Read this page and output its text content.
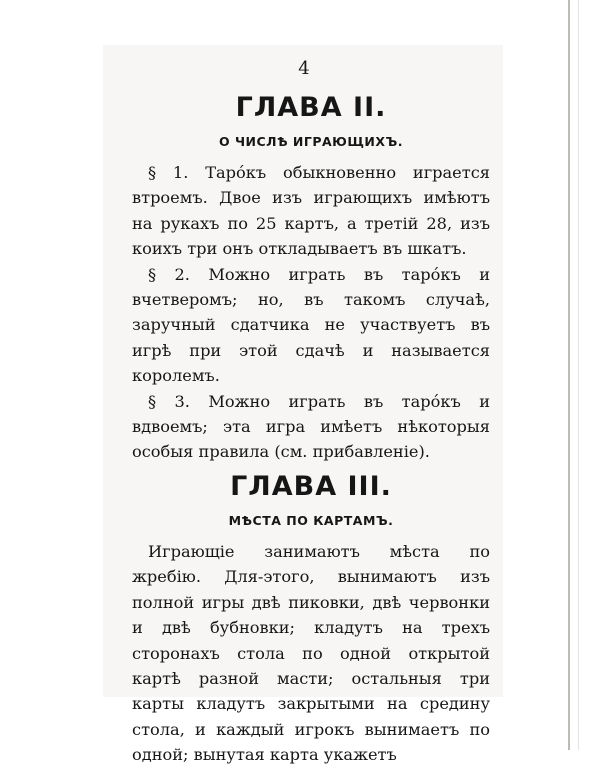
4
ГЛАВА II.
О ЧИСЛѢ ИГРАЮЩИХЪ.

§ 1. Тарóкъ обыкновенно играется втроемъ. Двое изъ играющихъ имѣютъ на рукахъ по 25 картъ, а третій 28, изъ коихъ три онъ откладываетъ въ шкатъ.

§ 2. Можно играть въ тарóкъ и вчетверомъ; но, въ такомъ случаѣ, заручный сдатчика не участвуетъ въ игрѣ при этой сдачѣ и называется королемъ.

§ 3. Можно играть въ тарóкъ и вдвоемъ; эта игра имѣетъ нѣкоторыя особыя правила (см. прибавленіе).

ГЛАВА III.
МѢСТА ПО КАРТАМЪ.

Играющіе занимаютъ мѣста по жребію. Для-этого, вынимаютъ изъ полной игры двѣ пиковки, двѣ червонки и двѣ бубновки; кладутъ на трехъ сторонахъ стола по одной открытой картѣ разной масти; остальныя три карты кладутъ закрытыми на средину стола, и каждый игрокъ вынимаетъ по одной; вынутая карта укажетъ
